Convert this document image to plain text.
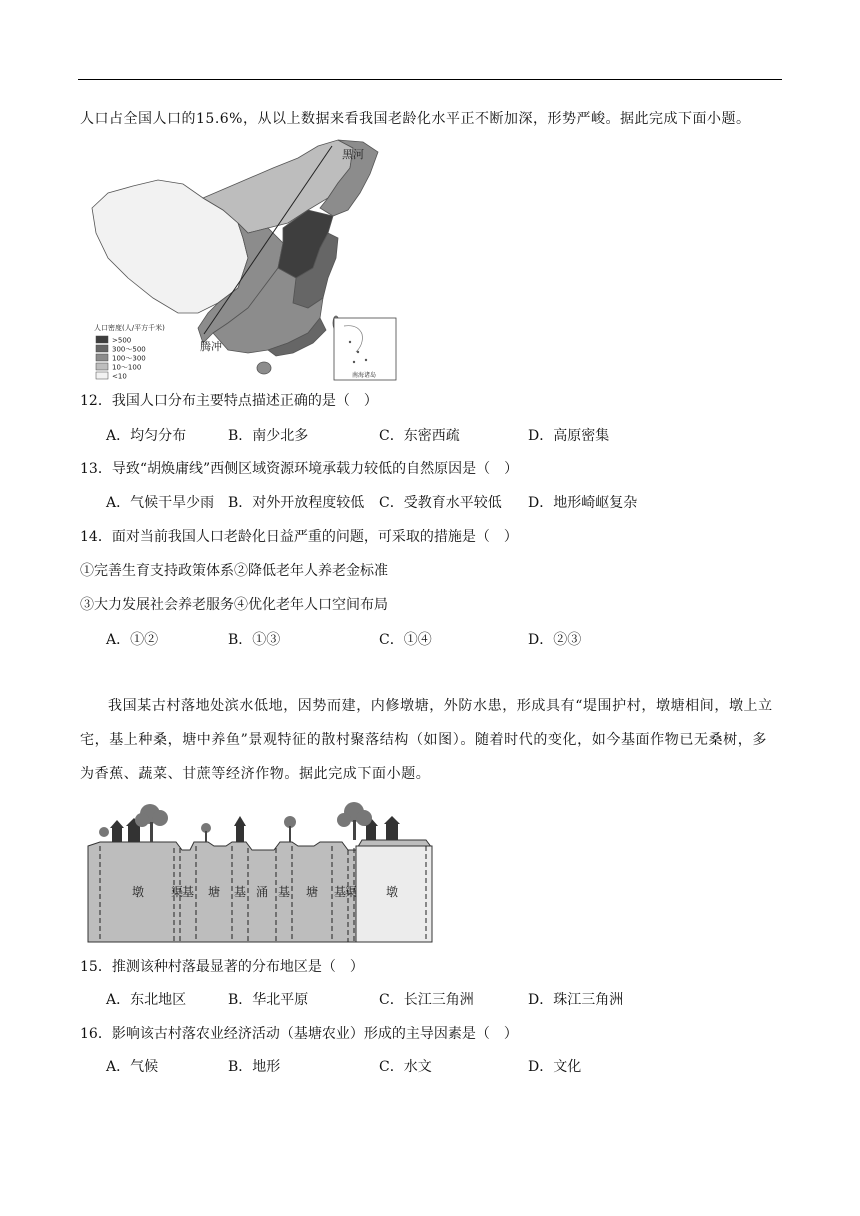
人口占全国人口的15.6%，从以上数据来看我国老龄化水平正不断加深，形势严峻。据此完成下面小题。
黑河
腾冲
人口密度(人/平方千米)
>500
300～500
100～300
10～100
<10	南海诸岛
12．我国人口分布主要特点描述正确的是（　）
A．均匀分布	B．南少北多	C．东密西疏	D．高原密集
13．导致“胡焕庸线”西侧区域资源环境承载力较低的自然原因是（　）
A．气候干旱少雨 B．对外开放程度较低 C．受教育水平较低 D．地形崎岖复杂
14．面对当前我国人口老龄化日益严重的问题，可采取的措施是（　）
①完善生育支持政策体系②降低老年人养老金标准
③大力发展社会养老服务④优化老年人口空间布局
A．①②	B．①③	C．①④	D．②③

我国某古村落地处滨水低地，因势而建，内修墩塘，外防水患，形成具有“堤围护村，墩塘相间，墩上立宅，基上种桑，塘中养鱼”景观特征的散村聚落结构（如图）。随着时代的变化，如今基面作物已无桑树，多为香蕉、蔬菜、甘蔗等经济作物。据此完成下面小题。

墩 渠
基 塘 基 涌 基 塘 基
渠 墩
15．推测该种村落最显著的分布地区是（　）
A．东北地区	B．华北平原	C．长江三角洲	D．珠江三角洲
16．影响该古村落农业经济活动（基塘农业）形成的主导因素是（　）
A．气候	B．地形	C．水文	D．文化
